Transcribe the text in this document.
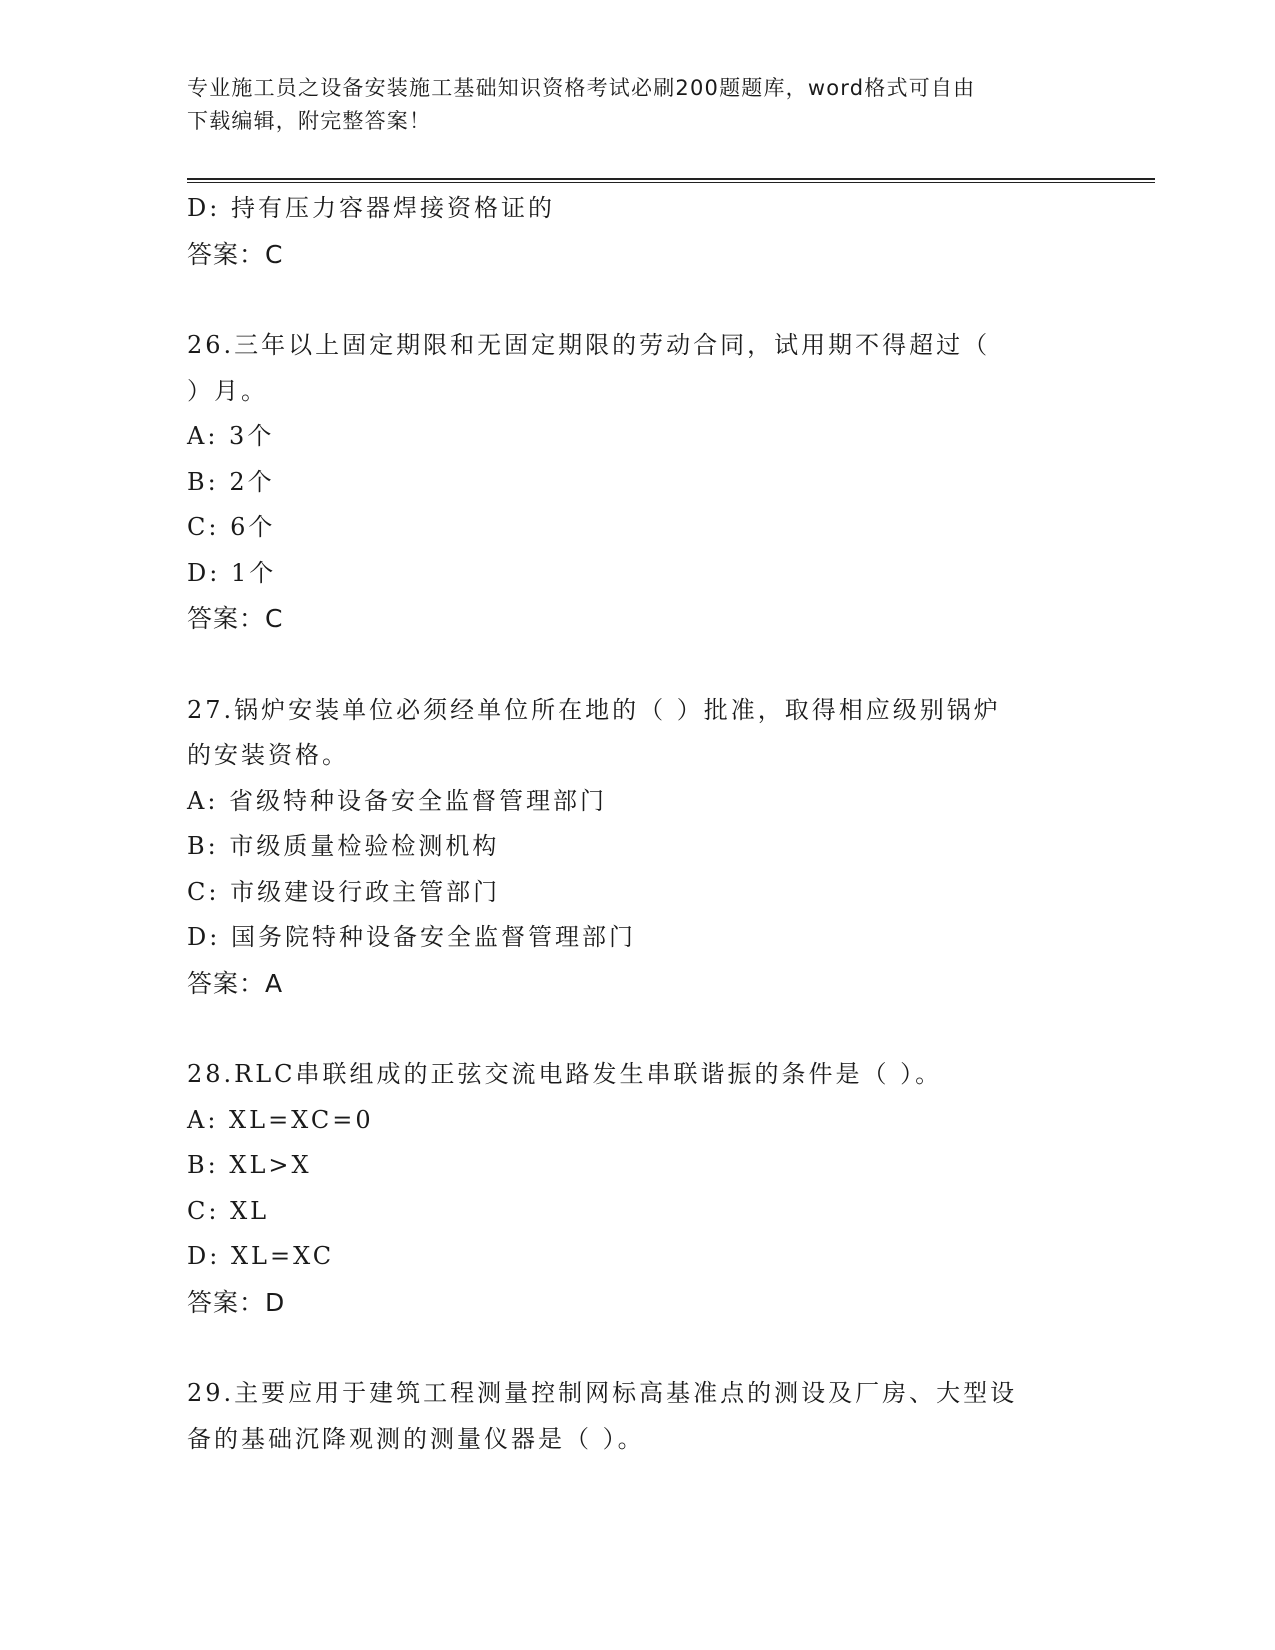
专业施工员之设备安装施工基础知识资格考试必刷200题题库，word格式可自由
下载编辑，附完整答案！
D: 持有压力容器焊接资格证的
答案：C
26.三年以上固定期限和无固定期限的劳动合同，试用期不得超过（
）月。
A: 3个
B: 2个
C: 6个
D: 1个
答案：C
27.锅炉安装单位必须经单位所在地的（ ）批准，取得相应级别锅炉
的安装资格。
A: 省级特种设备安全监督管理部门
B: 市级质量检验检测机构
C: 市级建设行政主管部门
D: 国务院特种设备安全监督管理部门
答案：A
28.RLC串联组成的正弦交流电路发生串联谐振的条件是（ ）。
A: XL=XC=0
B: XL>X
C: XL
D: XL=XC
答案：D
29.主要应用于建筑工程测量控制网标高基准点的测设及厂房、大型设
备的基础沉降观测的测量仪器是（ ）。
